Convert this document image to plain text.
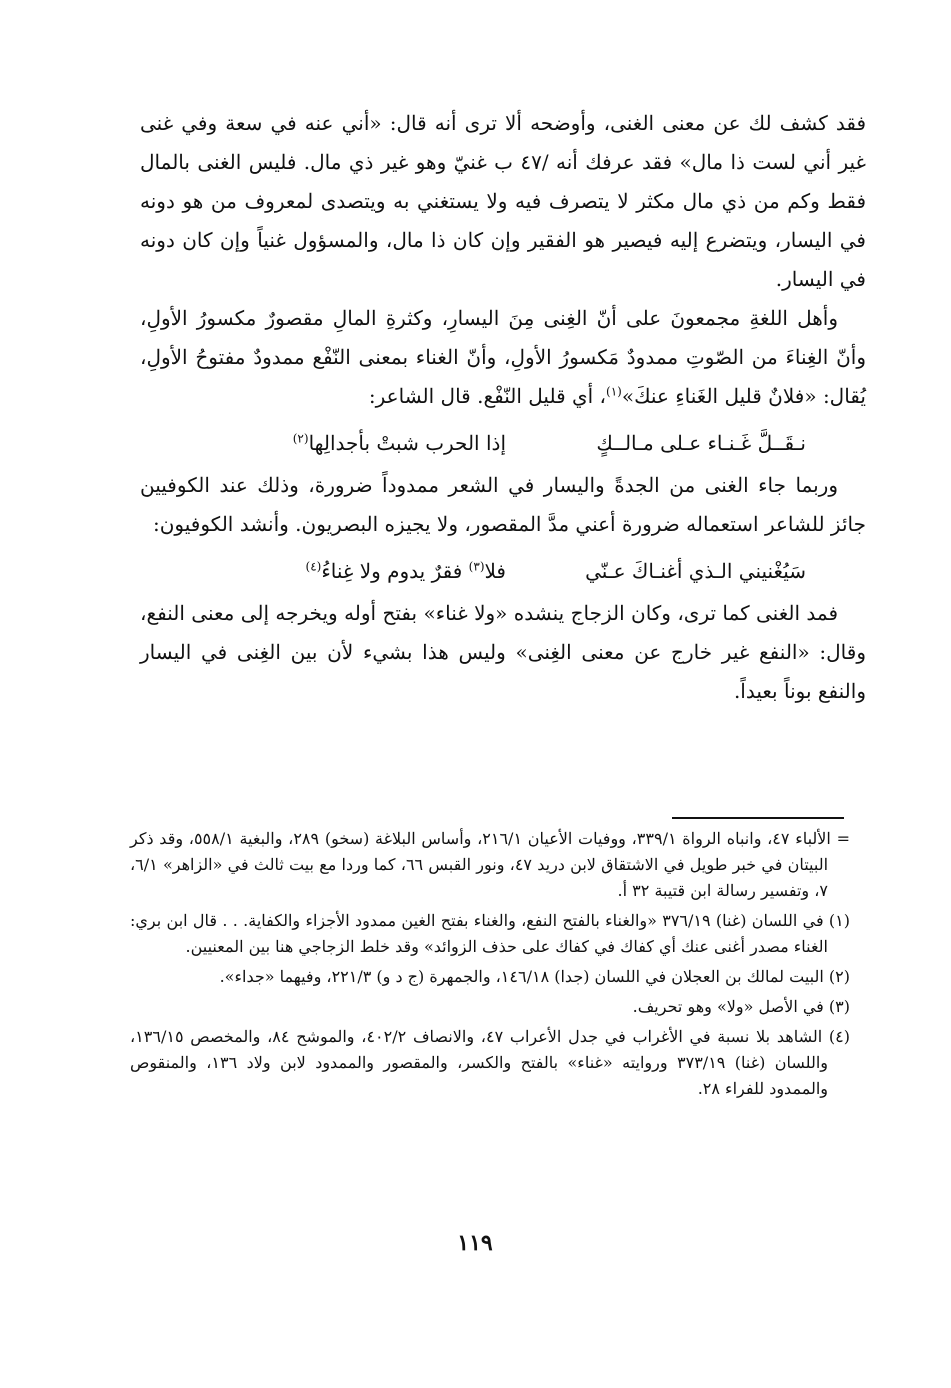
فقد كشف لك عن معنى الغنى، وأوضحه ألا ترى أنه قال: «أني عنه في سعة وفي غنى غير أني لست ذا مال» فقد عرفك أنه /٤٧ ب غنيّ وهو غير ذي مال. فليس الغنى بالمال فقط وكم من ذي مال مكثر لا يتصرف فيه ولا يستغني به ويتصدى لمعروف من هو دونه في اليسار، ويتضرع إليه فيصير هو الفقير وإن كان ذا مال، والمسؤول غنياً وإن كان دونه في اليسار.

وأهل اللغةِ مجمعونَ على أنّ الغِنى مِنَ اليسارِ، وكثرةِ المالِ مقصورٌ مكسورُ الأولِ، وأنّ الغِناءَ من الصّوتِ ممدودٌ مَكسورُ الأولِ، وأنّ الغناء بمعنى النّفْع ممدودٌ مفتوحُ الأولِ، يُقال: «فلانٌ قليل الغَناءِ عنكَ»$^{(١)}$، أي قليل النّفْع. قال الشاعر:

نـقَــلَّ غَـنـاء عـلى مـالــكٍ
إذا الحرب شبتْ بأجدالِها$^{(٢)}$

وربما جاء الغنى من الجدةً واليسار في الشعر ممدوداً ضرورة، وذلك عند الكوفيين جائز للشاعر استعماله ضرورة أعني مدَّ المقصور، ولا يجيزه البصريون. وأنشد الكوفيون:

سَيُغْنيني الـذي أغنـاكَ عـنّي
فلا$^{(٣)}$ فقرٌ يدوم ولا غِناءُ$^{(٤)}$

فمد الغنى كما ترى، وكان الزجاج ينشده «ولا غناء» بفتح أوله ويخرجه إلى معنى النفع، وقال: «النفع غير خارج عن معنى الغِنى» وليس هذا بشيء لأن بين الغِنى في اليسار والنفع بوناً بعيداً.

= الألباء ٤٧، وانباه الرواة ٣٣٩/١، ووفيات الأعيان ٢١٦/١، وأساس البلاغة (سخو) ٢٨٩، والبغية ٥٥٨/١، وقد ذكر البيتان في خبر طويل في الاشتقاق لابن دريد ٤٧، ونور القبس ٦٦، كما وردا مع بيت ثالث في «الزاهر» ٦/١، ٧، وتفسير رسالة ابن قتيبة ٣٢ أ.

(١) في اللسان (غنا) ٣٧٦/١٩ «والغناء بالفتح النفع، والغناء بفتح الغين ممدود الأجزاء والكفاية. . . قال ابن بري: الغناء مصدر أغنى عنك أي كفاك في كفاك على حذف الزوائد» وقد خلط الزجاجي هنا بين المعنيين.

(٢) البيت لمالك بن العجلان في اللسان (جدا) ١٤٦/١٨، والجمهرة (ج د و) ٢٢١/٣، وفيهما «جداء».

(٣) في الأصل «ولا» وهو تحريف.

(٤) الشاهد بلا نسبة في الأغراب في جدل الأعراب ٤٧، والانصاف ٤٠٢/٢، والموشح ٨٤، والمخصص ١٣٦/١٥، واللسان (غنا) ٣٧٣/١٩ وروايته «غناء» بالفتح والكسر، والمقصور والممدود لابن ولاد ١٣٦، والمنقوص والممدود للفراء ٢٨.

١١٩
